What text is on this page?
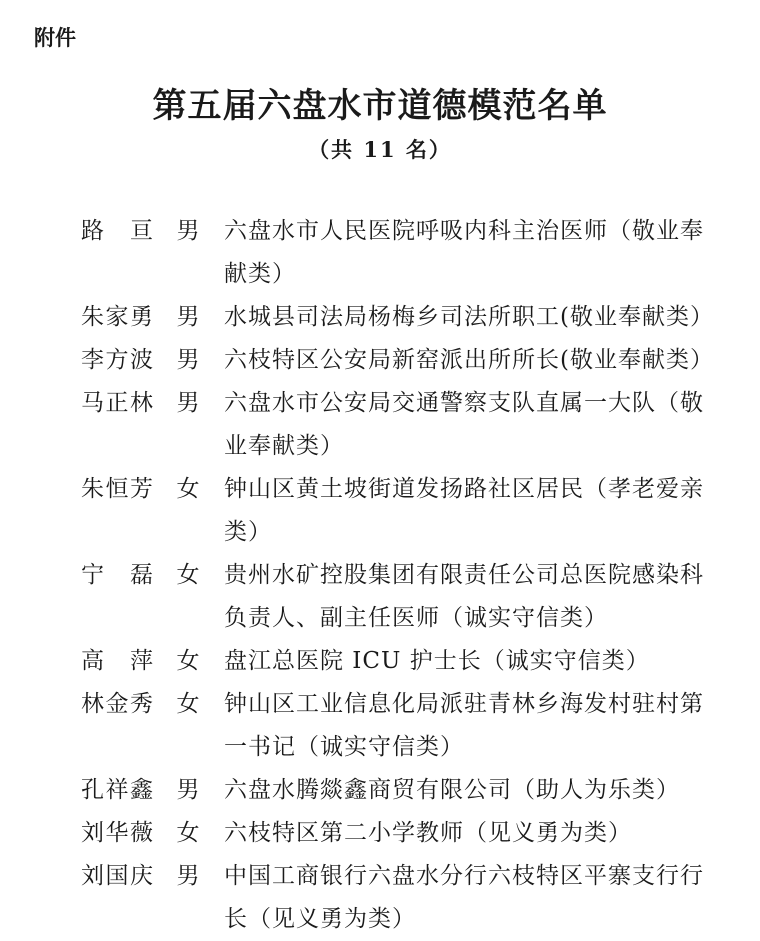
附件
第五届六盘水市道德模范名单
（共 11 名）
路 亘 男 六盘水市人民医院呼吸内科主治医师（敬业奉献类）
朱家勇 男 水城县司法局杨梅乡司法所职工(敬业奉献类）
李方波 男 六枝特区公安局新窑派出所所长(敬业奉献类）
马正林 男 六盘水市公安局交通警察支队直属一大队（敬业奉献类）
朱恒芳 女 钟山区黄土坡街道发扬路社区居民（孝老爱亲类）
宁 磊 女 贵州水矿控股集团有限责任公司总医院感染科负责人、副主任医师（诚实守信类）
高 萍 女 盘江总医院 ICU 护士长（诚实守信类）
林金秀 女 钟山区工业信息化局派驻青林乡海发村驻村第一书记（诚实守信类）
孔祥鑫 男 六盘水腾燚鑫商贸有限公司（助人为乐类）
刘华薇 女 六枝特区第二小学教师（见义勇为类）
刘国庆 男 中国工商银行六盘水分行六枝特区平寨支行行长（见义勇为类）
